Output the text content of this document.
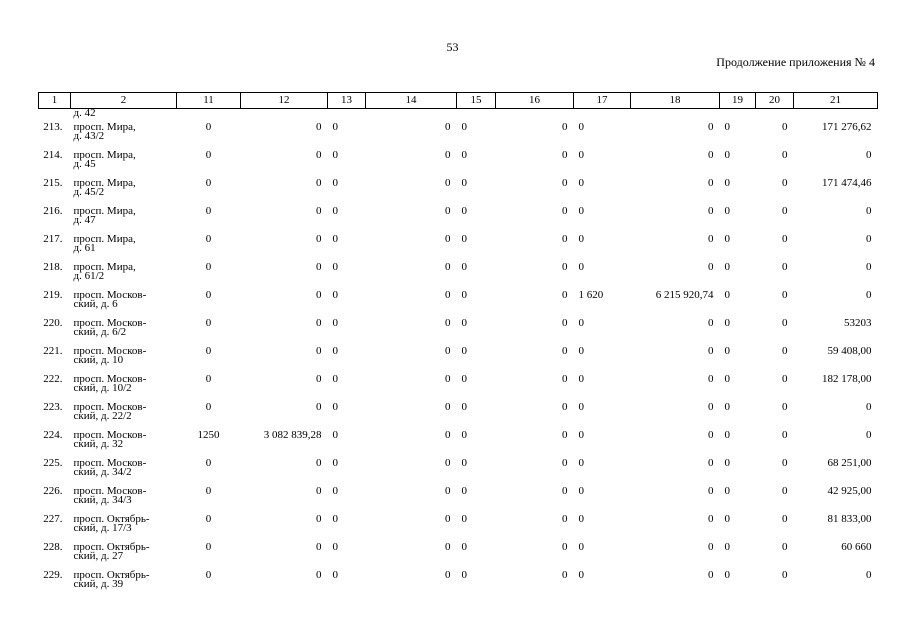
53
Продолжение приложения № 4
1	2	11	12	13	14	15	16	17	18	19	20	21
	д. 42											
213.	просп. Мира,
д. 43/2	0	0	0	0	0	0	0	0	0	0	171 276,62
214.	просп. Мира,
д. 45	0	0	0	0	0	0	0	0	0	0	0
215.	просп. Мира,
д. 45/2	0	0	0	0	0	0	0	0	0	0	171 474,46
216.	просп. Мира,
д. 47	0	0	0	0	0	0	0	0	0	0	0
217.	просп. Мира,
д. 61	0	0	0	0	0	0	0	0	0	0	0
218.	просп. Мира,
д. 61/2	0	0	0	0	0	0	0	0	0	0	0
219.	просп. Москов-
ский, д. 6	0	0	0	0	0	0	1 620	6 215 920,74	0	0	0
220.	просп. Москов-
ский, д. 6/2	0	0	0	0	0	0	0	0	0	0	53203
221.	просп. Москов-
ский, д. 10	0	0	0	0	0	0	0	0	0	0	59 408,00
222.	просп. Москов-
ский, д. 10/2	0	0	0	0	0	0	0	0	0	0	182 178,00
223.	просп. Москов-
ский, д. 22/2	0	0	0	0	0	0	0	0	0	0	0
224.	просп. Москов-
ский, д. 32	1250	3 082 839,28	0	0	0	0	0	0	0	0	0
225.	просп. Москов-
ский, д. 34/2	0	0	0	0	0	0	0	0	0	0	68 251,00
226.	просп. Москов-
ский, д. 34/3	0	0	0	0	0	0	0	0	0	0	42 925,00
227.	просп. Октябрь-
ский, д. 17/3	0	0	0	0	0	0	0	0	0	0	81 833,00
228.	просп. Октябрь-
ский, д. 27	0	0	0	0	0	0	0	0	0	0	60 660
229.	просп. Октябрь-
ский, д. 39	0	0	0	0	0	0	0	0	0	0	0
